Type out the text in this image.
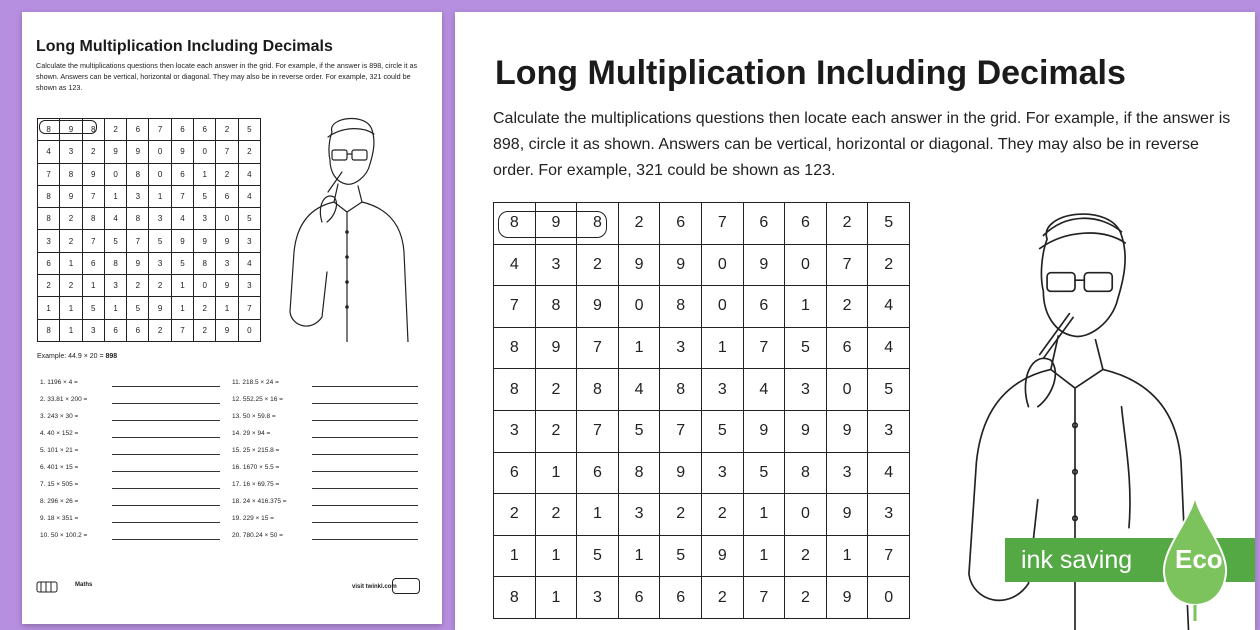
Long Multiplication Including Decimals
Calculate the multiplications questions then locate each answer in the grid. For example, if the answer is 898, circle it as shown. Answers can be vertical, horizontal or diagonal. They may also be in reverse order. For example, 321 could be shown as 123.
8	9	8	2	6	7	6	6	2	5
4	3	2	9	9	0	9	0	7	2
7	8	9	0	8	0	6	1	2	4
8	9	7	1	3	1	7	5	6	4
8	2	8	4	8	3	4	3	0	5
3	2	7	5	7	5	9	9	9	3
6	1	6	8	9	3	5	8	3	4
2	2	1	3	2	2	1	0	9	3
1	1	5	1	5	9	1	2	1	7
8	1	3	6	6	2	7	2	9	0
Example: 44.9 × 20 = 898
1. 1196 × 4 =
2. 33.81 × 200 =
3. 243 × 30 =
4. 40 × 152 =
5. 101 × 21 =
6. 401 × 15 =
7. 15 × 505 =
8. 296 × 26 =
9. 18 × 351 =
10. 50 × 100.2 =
11. 218.5 × 24 =
12. 552.25 × 16 =
13. 50 × 59.8 =
14. 29 × 94 =
15. 25 × 215.8 =
16. 1670 × 5.5 =
17. 16 × 69.75 =
18. 24 × 416.375 =
19. 229 × 15 =
20. 780.24 × 50 =
Maths	visit twinkl.com
Long Multiplication Including Decimals
Calculate the multiplications questions then locate each answer in the grid. For example, if the answer is 898, circle it as shown. Answers can be vertical, horizontal or diagonal. They may also be in reverse order. For example, 321 could be shown as 123.
8	9	8	2	6	7	6	6	2	5
4	3	2	9	9	0	9	0	7	2
7	8	9	0	8	0	6	1	2	4
8	9	7	1	3	1	7	5	6	4
8	2	8	4	8	3	4	3	0	5
3	2	7	5	7	5	9	9	9	3
6	1	6	8	9	3	5	8	3	4
2	2	1	3	2	2	1	0	9	3
1	1	5	1	5	9	1	2	1	7
8	1	3	6	6	2	7	2	9	0
ink saving Eco
